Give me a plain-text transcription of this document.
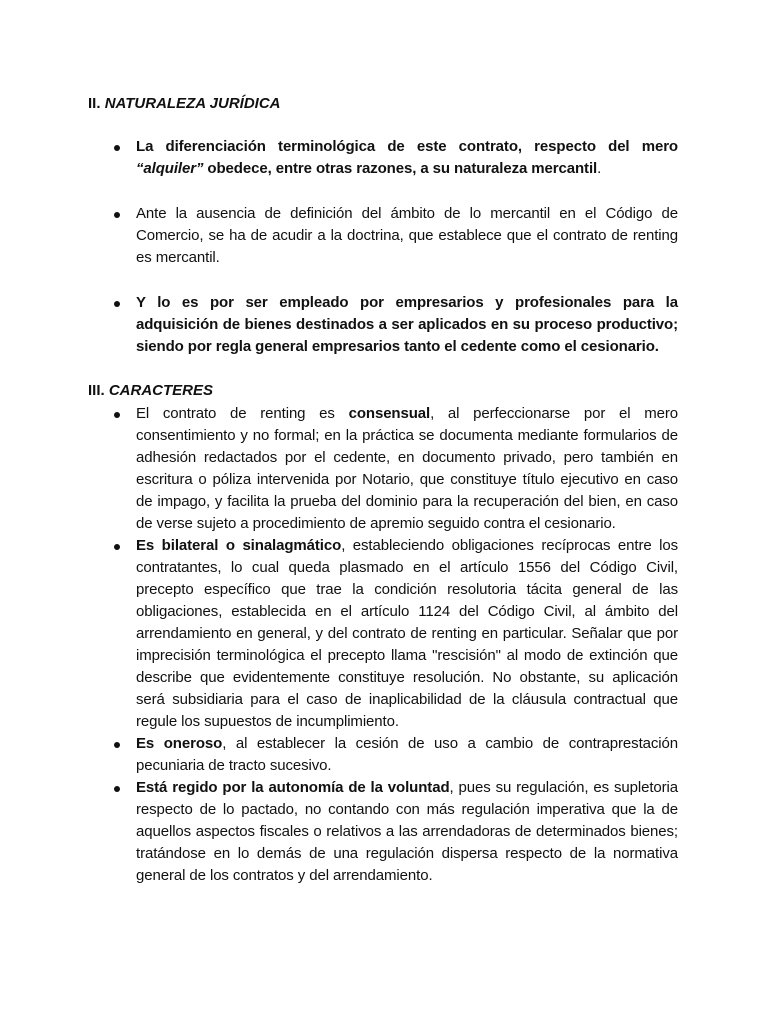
II. NATURALEZA JURÍDICA

La diferenciación terminológica de este contrato, respecto del mero “alquiler” obedece, entre otras razones, a su naturaleza mercantil.

Ante la ausencia de definición del ámbito de lo mercantil en el Código de Comercio, se ha de acudir a la doctrina, que establece que el contrato de renting es mercantil.

Y lo es por ser empleado por empresarios y profesionales para la adquisición de bienes destinados a ser aplicados en su proceso productivo; siendo por regla general empresarios tanto el cedente como el cesionario.

III. CARACTERES

El contrato de renting es consensual, al perfeccionarse por el mero consentimiento y no formal; en la práctica se documenta mediante formularios de adhesión redactados por el cedente, en documento privado, pero también en escritura o póliza intervenida por Notario, que constituye título ejecutivo en caso de impago, y facilita la prueba del dominio para la recuperación del bien, en caso de verse sujeto a procedimiento de apremio seguido contra el cesionario.

Es bilateral o sinalagmático, estableciendo obligaciones recíprocas entre los contratantes, lo cual queda plasmado en el artículo 1556 del Código Civil, precepto específico que trae la condición resolutoria tácita general de las obligaciones, establecida en el artículo 1124 del Código Civil, al ámbito del arrendamiento en general, y del contrato de renting en particular. Señalar que por imprecisión terminológica el precepto llama "rescisión" al modo de extinción que describe que evidentemente constituye resolución. No obstante, su aplicación será subsidiaria para el caso de inaplicabilidad de la cláusula contractual que regule los supuestos de incumplimiento.

Es oneroso, al establecer la cesión de uso a cambio de contraprestación pecuniaria de tracto sucesivo.

Está regido por la autonomía de la voluntad, pues su regulación, es supletoria respecto de lo pactado, no contando con más regulación imperativa que la de aquellos aspectos fiscales o relativos a las arrendadoras de determinados bienes; tratándose en lo demás de una regulación dispersa respecto de la normativa general de los contratos y del arrendamiento.
